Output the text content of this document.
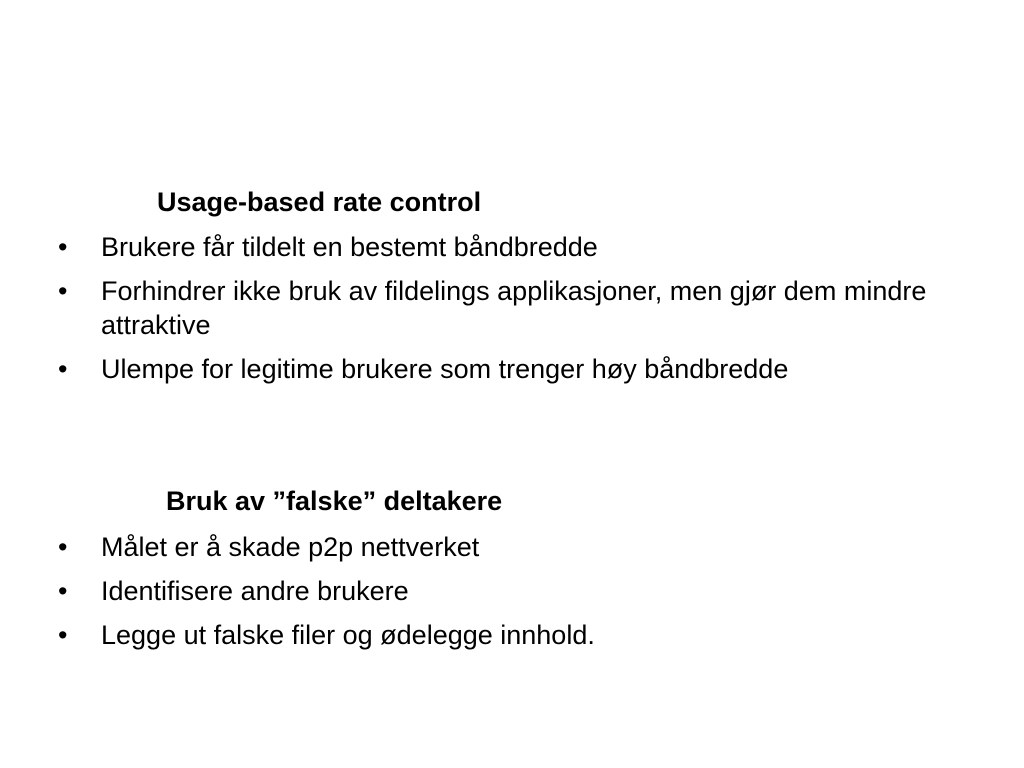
Usage-based rate control
• Brukere får tildelt en bestemt båndbredde
• Forhindrer ikke bruk av fildelings applikasjoner, men gjør dem mindre attraktive
• Ulempe for legitime brukere som trenger høy båndbredde
Bruk av ”falske” deltakere
• Målet er å skade p2p nettverket
• Identifisere andre brukere
• Legge ut falske filer og ødelegge innhold.
